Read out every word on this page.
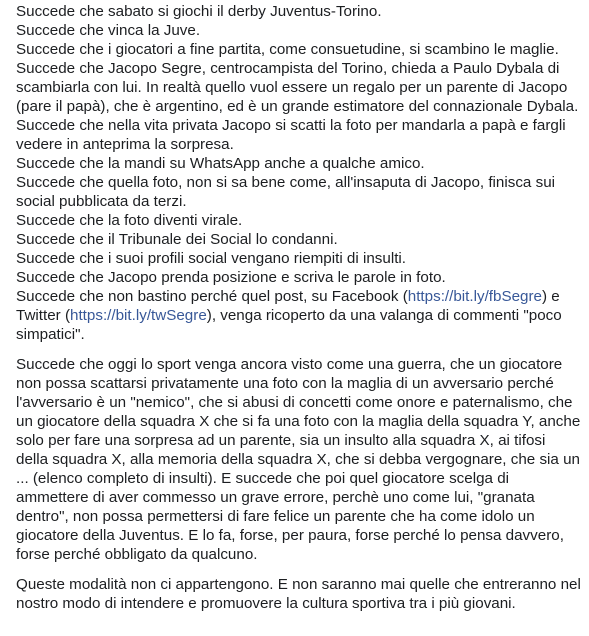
Succede che sabato si giochi il derby Juventus-Torino.
Succede che vinca la Juve.
Succede che i giocatori a fine partita, come consuetudine, si scambino le maglie.
Succede che Jacopo Segre, centrocampista del Torino, chieda a Paulo Dybala di scambiarla con lui. In realtà quello vuol essere un regalo per un parente di Jacopo (pare il papà), che è argentino, ed è un grande estimatore del connazionale Dybala.
Succede che nella vita privata Jacopo si scatti la foto per mandarla a papà e fargli vedere in anteprima la sorpresa.
Succede che la mandi su WhatsApp anche a qualche amico.
Succede che quella foto, non si sa bene come, all'insaputa di Jacopo, finisca sui social pubblicata da terzi.
Succede che la foto diventi virale.
Succede che il Tribunale dei Social lo condanni.
Succede che i suoi profili social vengano riempiti di insulti.
Succede che Jacopo prenda posizione e scriva le parole in foto.
Succede che non bastino perché quel post, su Facebook (https://bit.ly/fbSegre) e Twitter (https://bit.ly/twSegre), venga ricoperto da una valanga di commenti "poco simpatici".

Succede che oggi lo sport venga ancora visto come una guerra, che un giocatore non possa scattarsi privatamente una foto con la maglia di un avversario perché l'avversario è un "nemico", che si abusi di concetti come onore e paternalismo, che un giocatore della squadra X che si fa una foto con la maglia della squadra Y, anche solo per fare una sorpresa ad un parente, sia un insulto alla squadra X, ai tifosi della squadra X, alla memoria della squadra X, che si debba vergognare, che sia un ... (elenco completo di insulti). E succede che poi quel giocatore scelga di ammettere di aver commesso un grave errore, perchè uno come lui, "granata dentro", non possa permettersi di fare felice un parente che ha come idolo un giocatore della Juventus. E lo fa, forse, per paura, forse perché lo pensa davvero, forse perché obbligato da qualcuno.

Queste modalità non ci appartengono. E non saranno mai quelle che entreranno nel nostro modo di intendere e promuovere la cultura sportiva tra i più giovani.
